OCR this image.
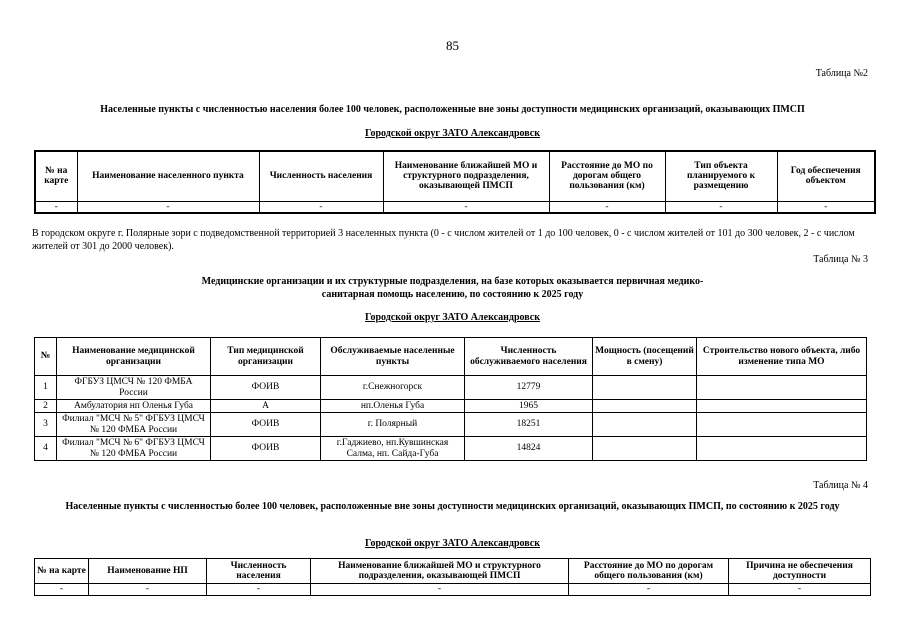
85
Таблица №2
Населенные пункты с численностью населения более 100 человек, расположенные вне зоны доступности медицинских организаций, оказывающих ПМСП
Городской округ ЗАТО Александровск
№ на карте	Наименование населенного пункта	Численность населения	Наименование ближайшей МО и структурного подразделения, оказывающей ПМСП	Расстояние до МО по дорогам общего пользования (км)	Тип объекта планируемого к размещению	Год обеспечения объектом
-	-	-	-	-	-	-
В городском округе г. Полярные зори с подведомственной территорией 3 населенных пункта (0 - с числом жителей от 1 до 100 человек, 0 - с числом жителей от 101 до 300 человек, 2 - с числом жителей от 301 до 2000 человек).
Таблица № 3
Медицинские организации и их структурные подразделения, на базе которых оказывается первичная медико-
санитарная помощь населению, по состоянию к 2025 году
Городской округ ЗАТО Александровск
№	Наименование медицинской организации	Тип медицинской организации	Обслуживаемые населенные пункты	Численность обслуживаемого населения	Мощность (посещений в смену)	Строительство нового объекта, либо изменение типа МО
1	ФГБУЗ ЦМСЧ № 120 ФМБА России	ФОИВ	г.Снежногорск	12779		
2	Амбулатория нп Оленья Губа	А	нп.Оленья Губа	1965		
3	Филиал "МСЧ № 5" ФГБУЗ ЦМСЧ № 120 ФМБА России	ФОИВ	г. Полярный	18251		
4	Филиал "МСЧ № 6" ФГБУЗ ЦМСЧ № 120 ФМБА России	ФОИВ	г.Гаджиево, нп.Кувшинская Салма, нп. Сайда-Губа	14824		
Таблица № 4
Населенные пункты с численностью более 100 человек, расположенные вне зоны доступности медицинских организаций, оказывающих ПМСП, по состоянию к 2025 году
Городской округ ЗАТО Александровск
№ на карте	Наименование НП	Численность населения	Наименование ближайшей МО и структурного подразделения, оказывающей ПМСП	Расстояние до МО по дорогам общего пользования (км)	Причина не обеспечения доступности
-	-	-	-	-	-
